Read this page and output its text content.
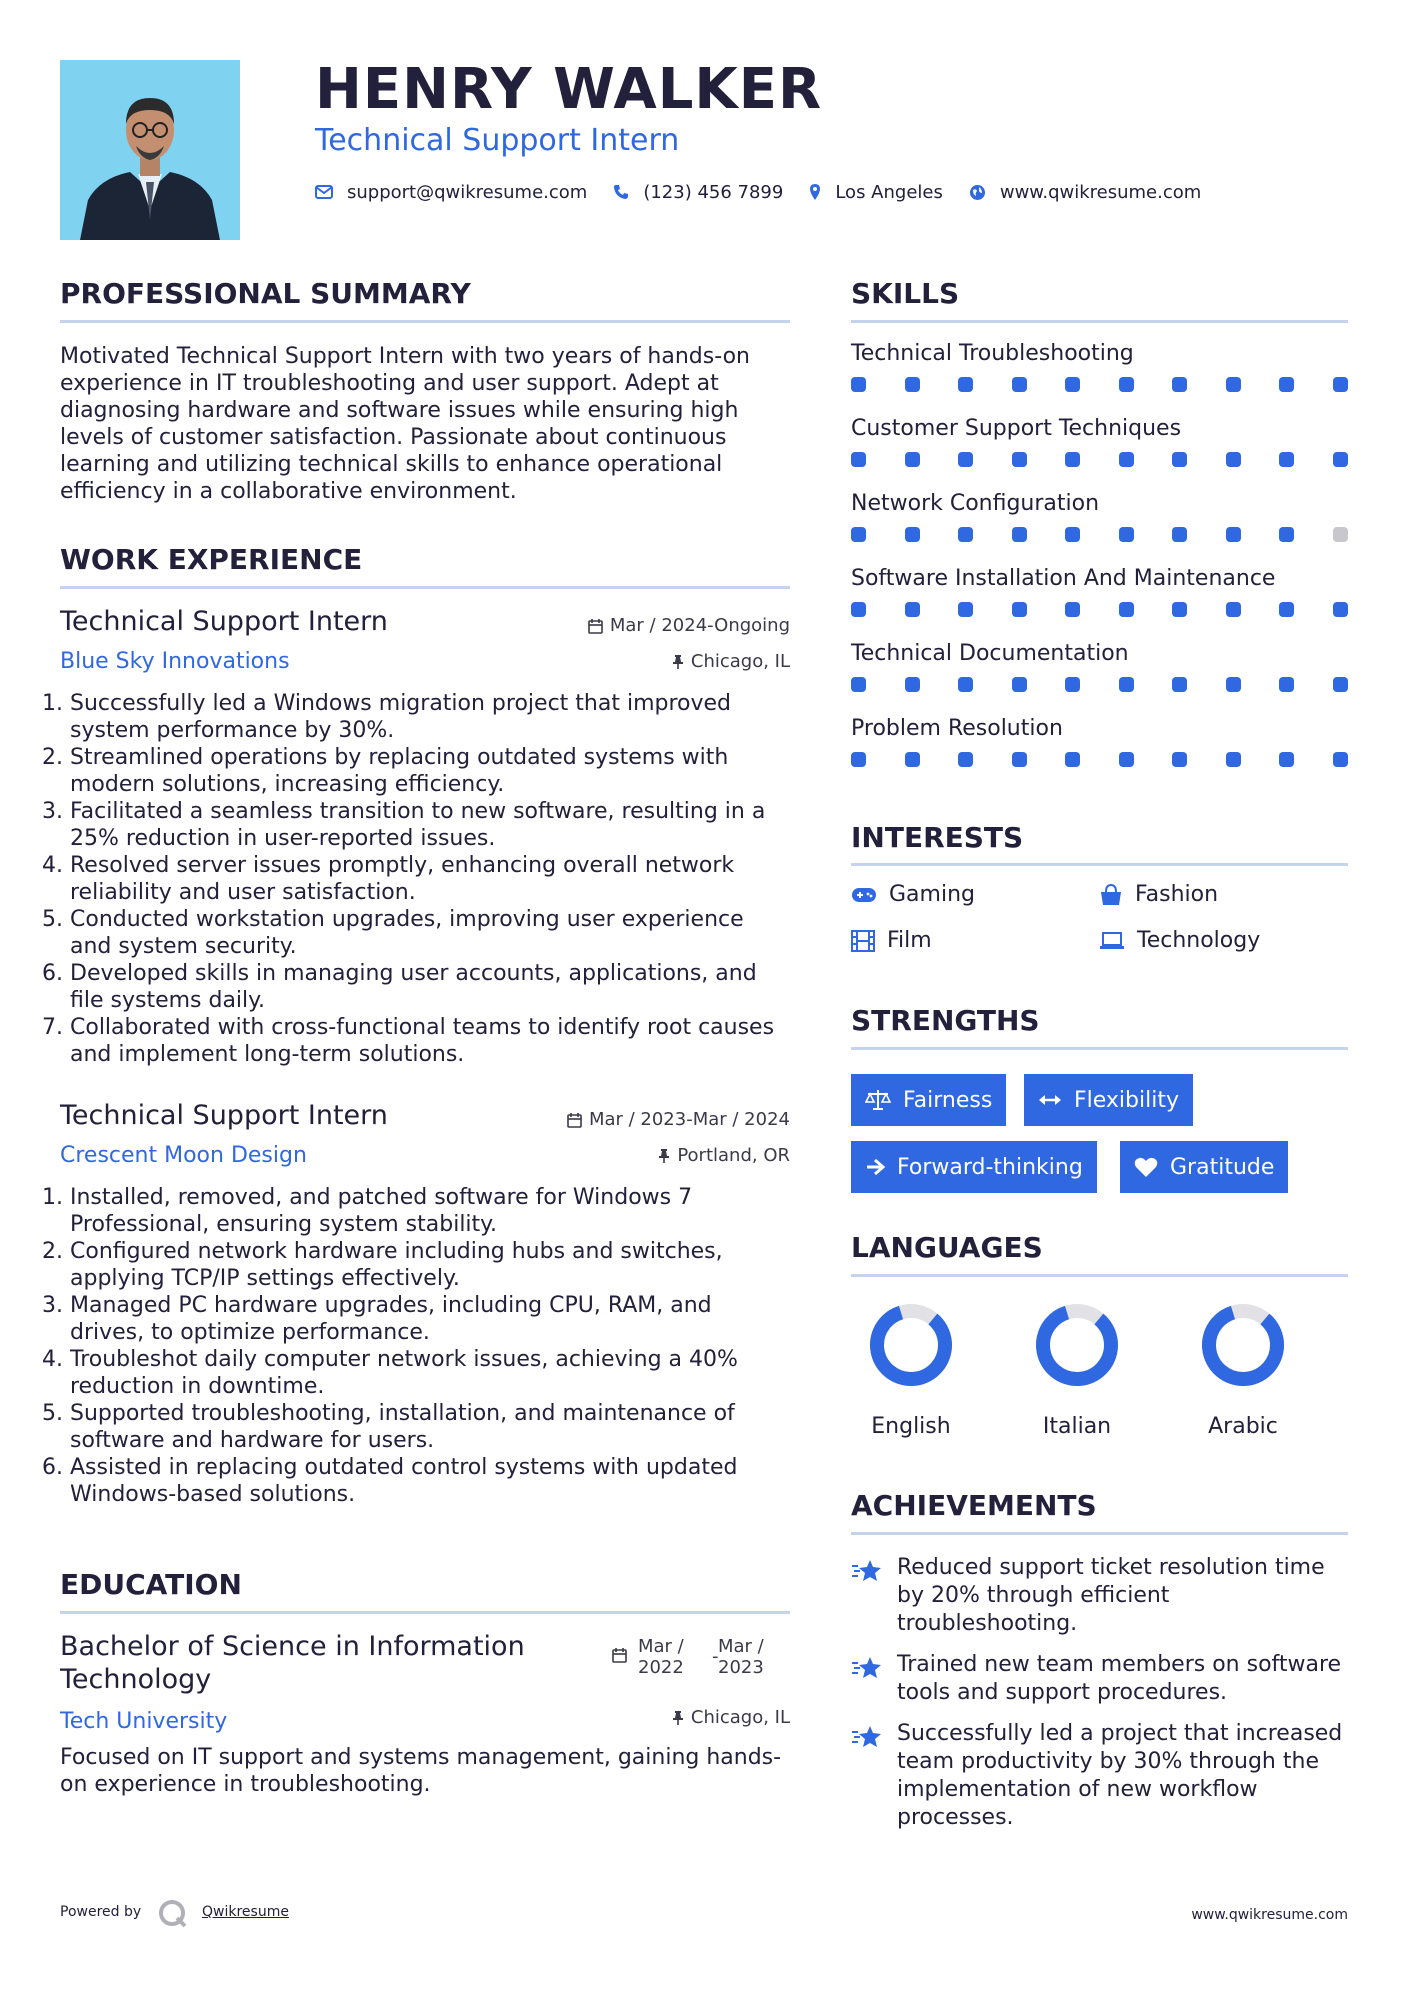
HENRY WALKER
Technical Support Intern
support@qwikresume.com	(123) 456 7899	Los Angeles	www.qwikresume.com
PROFESSIONAL SUMMARY
Motivated Technical Support Intern with two years of hands-on experience in IT troubleshooting and user support. Adept at diagnosing hardware and software issues while ensuring high levels of customer satisfaction. Passionate about continuous learning and utilizing technical skills to enhance operational efficiency in a collaborative environment.
WORK EXPERIENCE
Technical Support Intern	Mar / 2024-Ongoing
Blue Sky Innovations	Chicago, IL
1. Successfully led a Windows migration project that improved system performance by 30%.
2. Streamlined operations by replacing outdated systems with modern solutions, increasing efficiency.
3. Facilitated a seamless transition to new software, resulting in a 25% reduction in user-reported issues.
4. Resolved server issues promptly, enhancing overall network reliability and user satisfaction.
5. Conducted workstation upgrades, improving user experience and system security.
6. Developed skills in managing user accounts, applications, and file systems daily.
7. Collaborated with cross-functional teams to identify root causes and implement long-term solutions.
Technical Support Intern	Mar / 2023-Mar / 2024
Crescent Moon Design	Portland, OR
1. Installed, removed, and patched software for Windows 7 Professional, ensuring system stability.
2. Configured network hardware including hubs and switches, applying TCP/IP settings effectively.
3. Managed PC hardware upgrades, including CPU, RAM, and drives, to optimize performance.
4. Troubleshot daily computer network issues, achieving a 40% reduction in downtime.
5. Supported troubleshooting, installation, and maintenance of software and hardware for users.
6. Assisted in replacing outdated control systems with updated Windows-based solutions.
EDUCATION
Bachelor of Science in Information Technology
Mar /
2022
- Mar /
2023
Tech University	Chicago, IL
Focused on IT support and systems management, gaining hands-on experience in troubleshooting.
SKILLS
Technical Troubleshooting
Customer Support Techniques
Network Configuration
Software Installation And Maintenance
Technical Documentation
Problem Resolution
INTERESTS
Gaming	Fashion
Film	Technology
STRENGTHS
Fairness	Flexibility
Forward-thinking	Gratitude
LANGUAGES
English	Italian	Arabic
ACHIEVEMENTS
Reduced support ticket resolution time by 20% through efficient troubleshooting.
Trained new team members on software tools and support procedures.
Successfully led a project that increased team productivity by 30% through the implementation of new workflow processes.
Powered by	Qwikresume	www.qwikresume.com
